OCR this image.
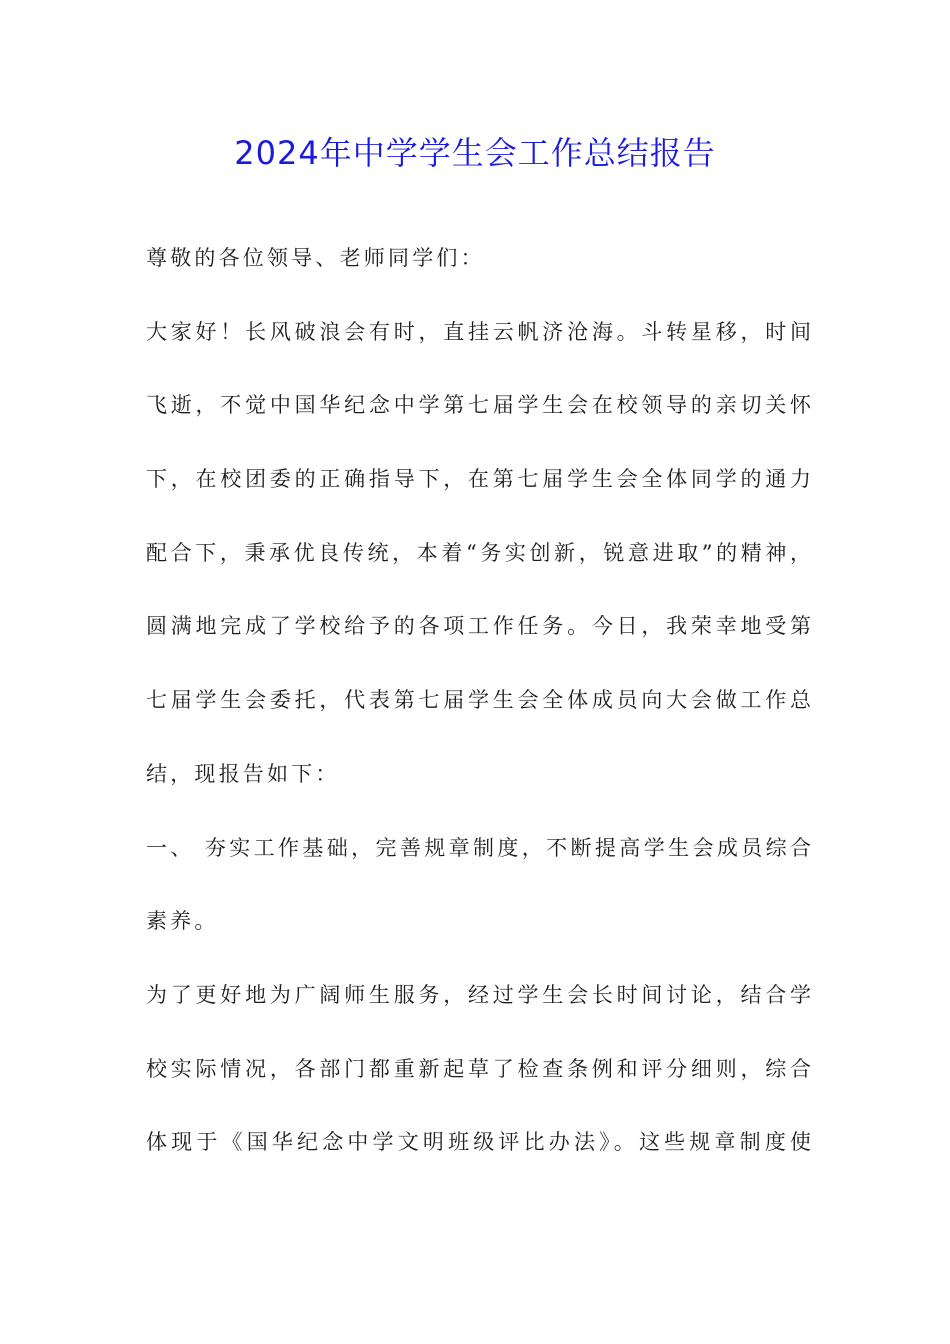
2024年中学学生会工作总结报告
尊敬的各位领导、老师同学们：
大家好！长风破浪会有时，直挂云帆济沧海。斗转星移，时间
飞逝，不觉中国华纪念中学第七届学生会在校领导的亲切关怀
下，在校团委的正确指导下，在第七届学生会全体同学的通力
配合下，秉承优良传统，本着“务实创新，锐意进取”的精神，
圆满地完成了学校给予的各项工作任务。今日，我荣幸地受第
七届学生会委托，代表第七届学生会全体成员向大会做工作总
结，现报告如下：
一、 夯实工作基础，完善规章制度，不断提高学生会成员综合
素养。
为了更好地为广阔师生服务，经过学生会长时间讨论，结合学
校实际情况，各部门都重新起草了检查条例和评分细则，综合
体现于《国华纪念中学文明班级评比办法》。这些规章制度使
